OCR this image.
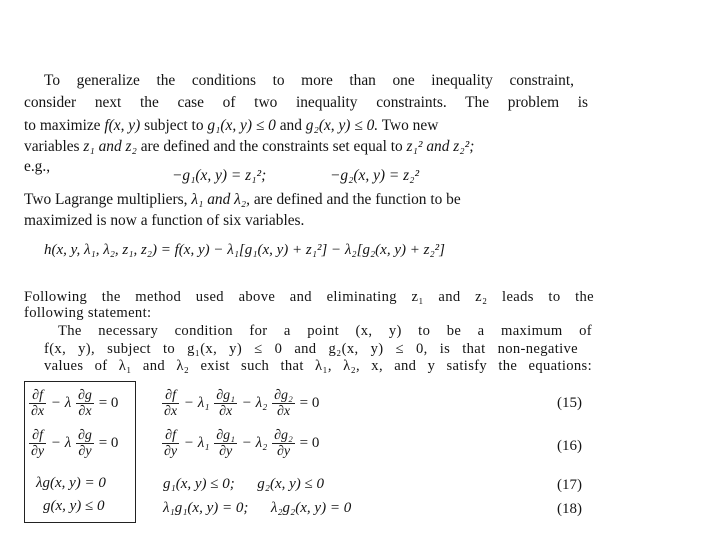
To generalize the conditions to more than one inequality constraint,
consider next the case of two inequality constraints. The problem is
to maximize f(x, y) subject to g₁(x, y) ≤ 0 and g₂(x, y) ≤ 0. Two new
variables z₁ and z₂ are defined and the constraints set equal to z₁² and z₂²;
e.g.,
−g₁(x, y) = z₁²;	−g₂(x, y) = z₂²
Two Lagrange multipliers, λ₁ and λ₂, are defined and the function to be
maximized is now a function of six variables.
h(x, y, λ₁, λ₂, z₁, z₂) = f(x, y) − λ₁[g₁(x, y) + z₁²] − λ₂[g₂(x, y) + z₂²]
Following the method used above and eliminating z₁ and z₂ leads to the
following statement:
The necessary condition for a point (x, y) to be a maximum of
f(x, y), subject to g₁(x, y) ≤ 0 and g₂(x, y) ≤ 0, is that non-negative
values of λ₁ and λ₂ exist such that λ₁, λ₂, x, and y satisfy the equations:
$\frac{\partial f}{\partial x} - \lambda \frac{\partial g}{\partial x} = 0$
$\frac{\partial f}{\partial y} - \lambda \frac{\partial g}{\partial y} = 0$
λg(x, y) = 0
g(x, y) ≤ 0
$\frac{\partial f}{\partial x} - \lambda_1 \frac{\text{∂g₁}}{\partial x} - \lambda_2 \frac{\text{∂g₂}}{\partial x} = 0$	(15)
$\frac{\partial f}{\partial y} - \lambda_1 \frac{\text{∂g₁}}{\partial y} - \lambda_2 \frac{\text{∂g₂}}{\partial y} = 0$	(16)
g₁(x, y) ≤ 0;      g₂(x, y) ≤ 0	(17)
λ₁g₁(x, y) = 0;      λ₂g₂(x, y) = 0	(18)
